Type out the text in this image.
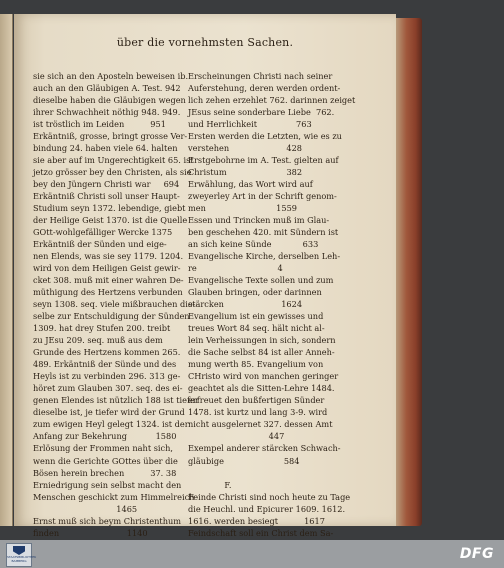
über die vornehmsten Sachen.
sie sich an den Aposteln beweisen ib.
auch an den Gläubigen A. Test. 942
dieselbe haben die Gläubigen wegen
ihrer Schwachheit nöthig 948. 949.
ist tröstlich im Leiden          951
Erkäntniß, grosse, bringt grosse Ver-
bindung 24. haben viele 64. halten
sie aber auf im Ungerechtigkeit 65. ist
jetzo grösser bey den Christen, als sie
bey den Jüngern Christi war     694
Erkäntniß Christi soll unser Haupt-
Studium seyn 1372. lebendige, giebt
der Heilige Geist 1370. ist die Quelle
GOtt-wohlgefälliger Wercke 1375
Erkäntniß der Sünden und eige-
nen Elends, was sie sey 1179. 1204.
wird von dem Heiligen Geist gewir-
cket 308. muß mit einer wahren De-
müthigung des Hertzens verbunden
seyn 1308. seq. viele mißbrauchen die-
selbe zur Entschuldigung der Sünden
1309. hat drey Stufen 200. treibt
zu JEsu 209. seq. muß aus dem
Grunde des Hertzens kommen 265.
489. Erkäntniß der Sünde und des
Heyls ist zu verbinden 296. 313 ge-
höret zum Glauben 307. seq. des ei-
genen Elendes ist nützlich 188 ist tiefer
dieselbe ist, je tiefer wird der Grund
zum ewigen Heyl gelegt 1324. ist der
Anfang zur Bekehrung           1580
Erlösung der Frommen naht sich,
wenn die Gerichte GOttes über die
Bösen herein brechen          37. 38
Erniedrigung sein selbst macht den
Menschen geschickt zum Himmelreich
1465
Ernst muß sich beym Christenthum
finden                          1140
Erscheinungen Christi nach seiner
Auferstehung, deren werden ordent-
lich zehen erzehlet 762. darinnen zeiget
JEsus seine sonderbare Liebe  762.
und Herrlichkeit               763
Ersten werden die Letzten, wie es zu
verstehen                      428
Erstgebohrne im A. Test. gielten auf
Christum                       382
Erwählung, das Wort wird auf
zweyerley Art in der Schrift genom-
men                           1559
Essen und Trincken muß im Glau-
ben geschehen 420. mit Sündern ist
an sich keine Sünde            633
Evangelische Kirche, derselben Leh-
re                               4
Evangelische Texte sollen und zum
Glauben bringen, oder darinnen
stärcken                      1624
Evangelium ist ein gewisses und
treues Wort 84 seq. hält nicht al-
lein Verheissungen in sich, sondern
die Sache selbst 84 ist aller Anneh-
mung werth 85. Evangelium von
CHristo wird von manchen geringer
geachtet als die Sitten-Lehre 1484.
erfreuet den bußfertigen Sünder
1478. ist kurtz und lang 3-9. wird
nicht ausgelernet 327. dessen Amt
447
Exempel anderer stärcken Schwach-
gläubige                       584
F.
Feinde Christi sind noch heute zu Tage
die Heuchl. und Epicurer 1609. 1612.
1616. werden besiegt          1617
Feindschaft soll ein Christ dem Sa-
STAATSBIBLIOTHEK BAMBERG	DFG
